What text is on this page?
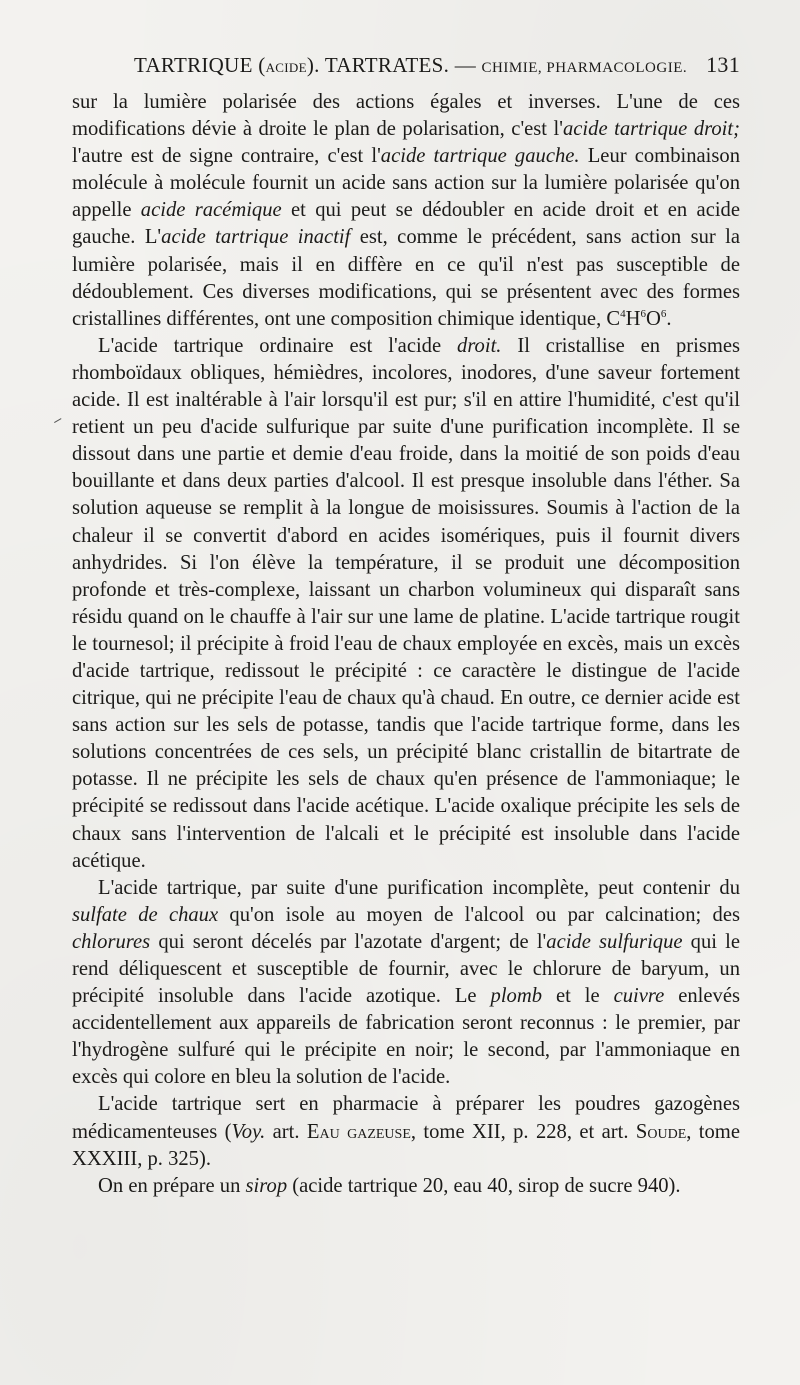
TARTRIQUE (acide). TARTRATES. — CHIMIE, PHARMACOLOGIE. 131

sur la lumière polarisée des actions égales et inverses. L'une de ces modifications dévie à droite le plan de polarisation, c'est l'acide tartrique droit; l'autre est de signe contraire, c'est l'acide tartrique gauche. Leur combinaison molécule à molécule fournit un acide sans action sur la lumière polarisée qu'on appelle acide racémique et qui peut se dédoubler en acide droit et en acide gauche. L'acide tartrique inactif est, comme le précédent, sans action sur la lumière polarisée, mais il en diffère en ce qu'il n'est pas susceptible de dédoublement. Ces diverses modifications, qui se présentent avec des formes cristallines différentes, ont une composition chimique identique, $C^4H^6O^6$.

L'acide tartrique ordinaire est l'acide droit. Il cristallise en prismes rhomboïdaux obliques, hémièdres, incolores, inodores, d'une saveur fortement acide. Il est inaltérable à l'air lorsqu'il est pur; s'il en attire l'humidité, c'est qu'il retient un peu d'acide sulfurique par suite d'une purification incomplète. Il se dissout dans une partie et demie d'eau froide, dans la moitié de son poids d'eau bouillante et dans deux parties d'alcool. Il est presque insoluble dans l'éther. Sa solution aqueuse se remplit à la longue de moisissures. Soumis à l'action de la chaleur il se convertit d'abord en acides isomériques, puis il fournit divers anhydrides. Si l'on élève la température, il se produit une décomposition profonde et très-complexe, laissant un charbon volumineux qui disparaît sans résidu quand on le chauffe à l'air sur une lame de platine. L'acide tartrique rougit le tournesol; il précipite à froid l'eau de chaux employée en excès, mais un excès d'acide tartrique, redissout le précipité : ce caractère le distingue de l'acide citrique, qui ne précipite l'eau de chaux qu'à chaud. En outre, ce dernier acide est sans action sur les sels de potasse, tandis que l'acide tartrique forme, dans les solutions concentrées de ces sels, un précipité blanc cristallin de bitartrate de potasse. Il ne précipite les sels de chaux qu'en présence de l'ammoniaque; le précipité se redissout dans l'acide acétique. L'acide oxalique précipite les sels de chaux sans l'intervention de l'alcali et le précipité est insoluble dans l'acide acétique.

L'acide tartrique, par suite d'une purification incomplète, peut contenir du sulfate de chaux qu'on isole au moyen de l'alcool ou par calcination; des chlorures qui seront décelés par l'azotate d'argent; de l'acide sulfurique qui le rend déliquescent et susceptible de fournir, avec le chlorure de baryum, un précipité insoluble dans l'acide azotique. Le plomb et le cuivre enlevés accidentellement aux appareils de fabrication seront reconnus : le premier, par l'hydrogène sulfuré qui le précipite en noir; le second, par l'ammoniaque en excès qui colore en bleu la solution de l'acide.

L'acide tartrique sert en pharmacie à préparer les poudres gazogènes médicamenteuses (Voy. art. Eau gazeuse, tome XII, p. 228, et art. Soude, tome XXXIII, p. 325).

On en prépare un sirop (acide tartrique 20, eau 40, sirop de sucre 940).
